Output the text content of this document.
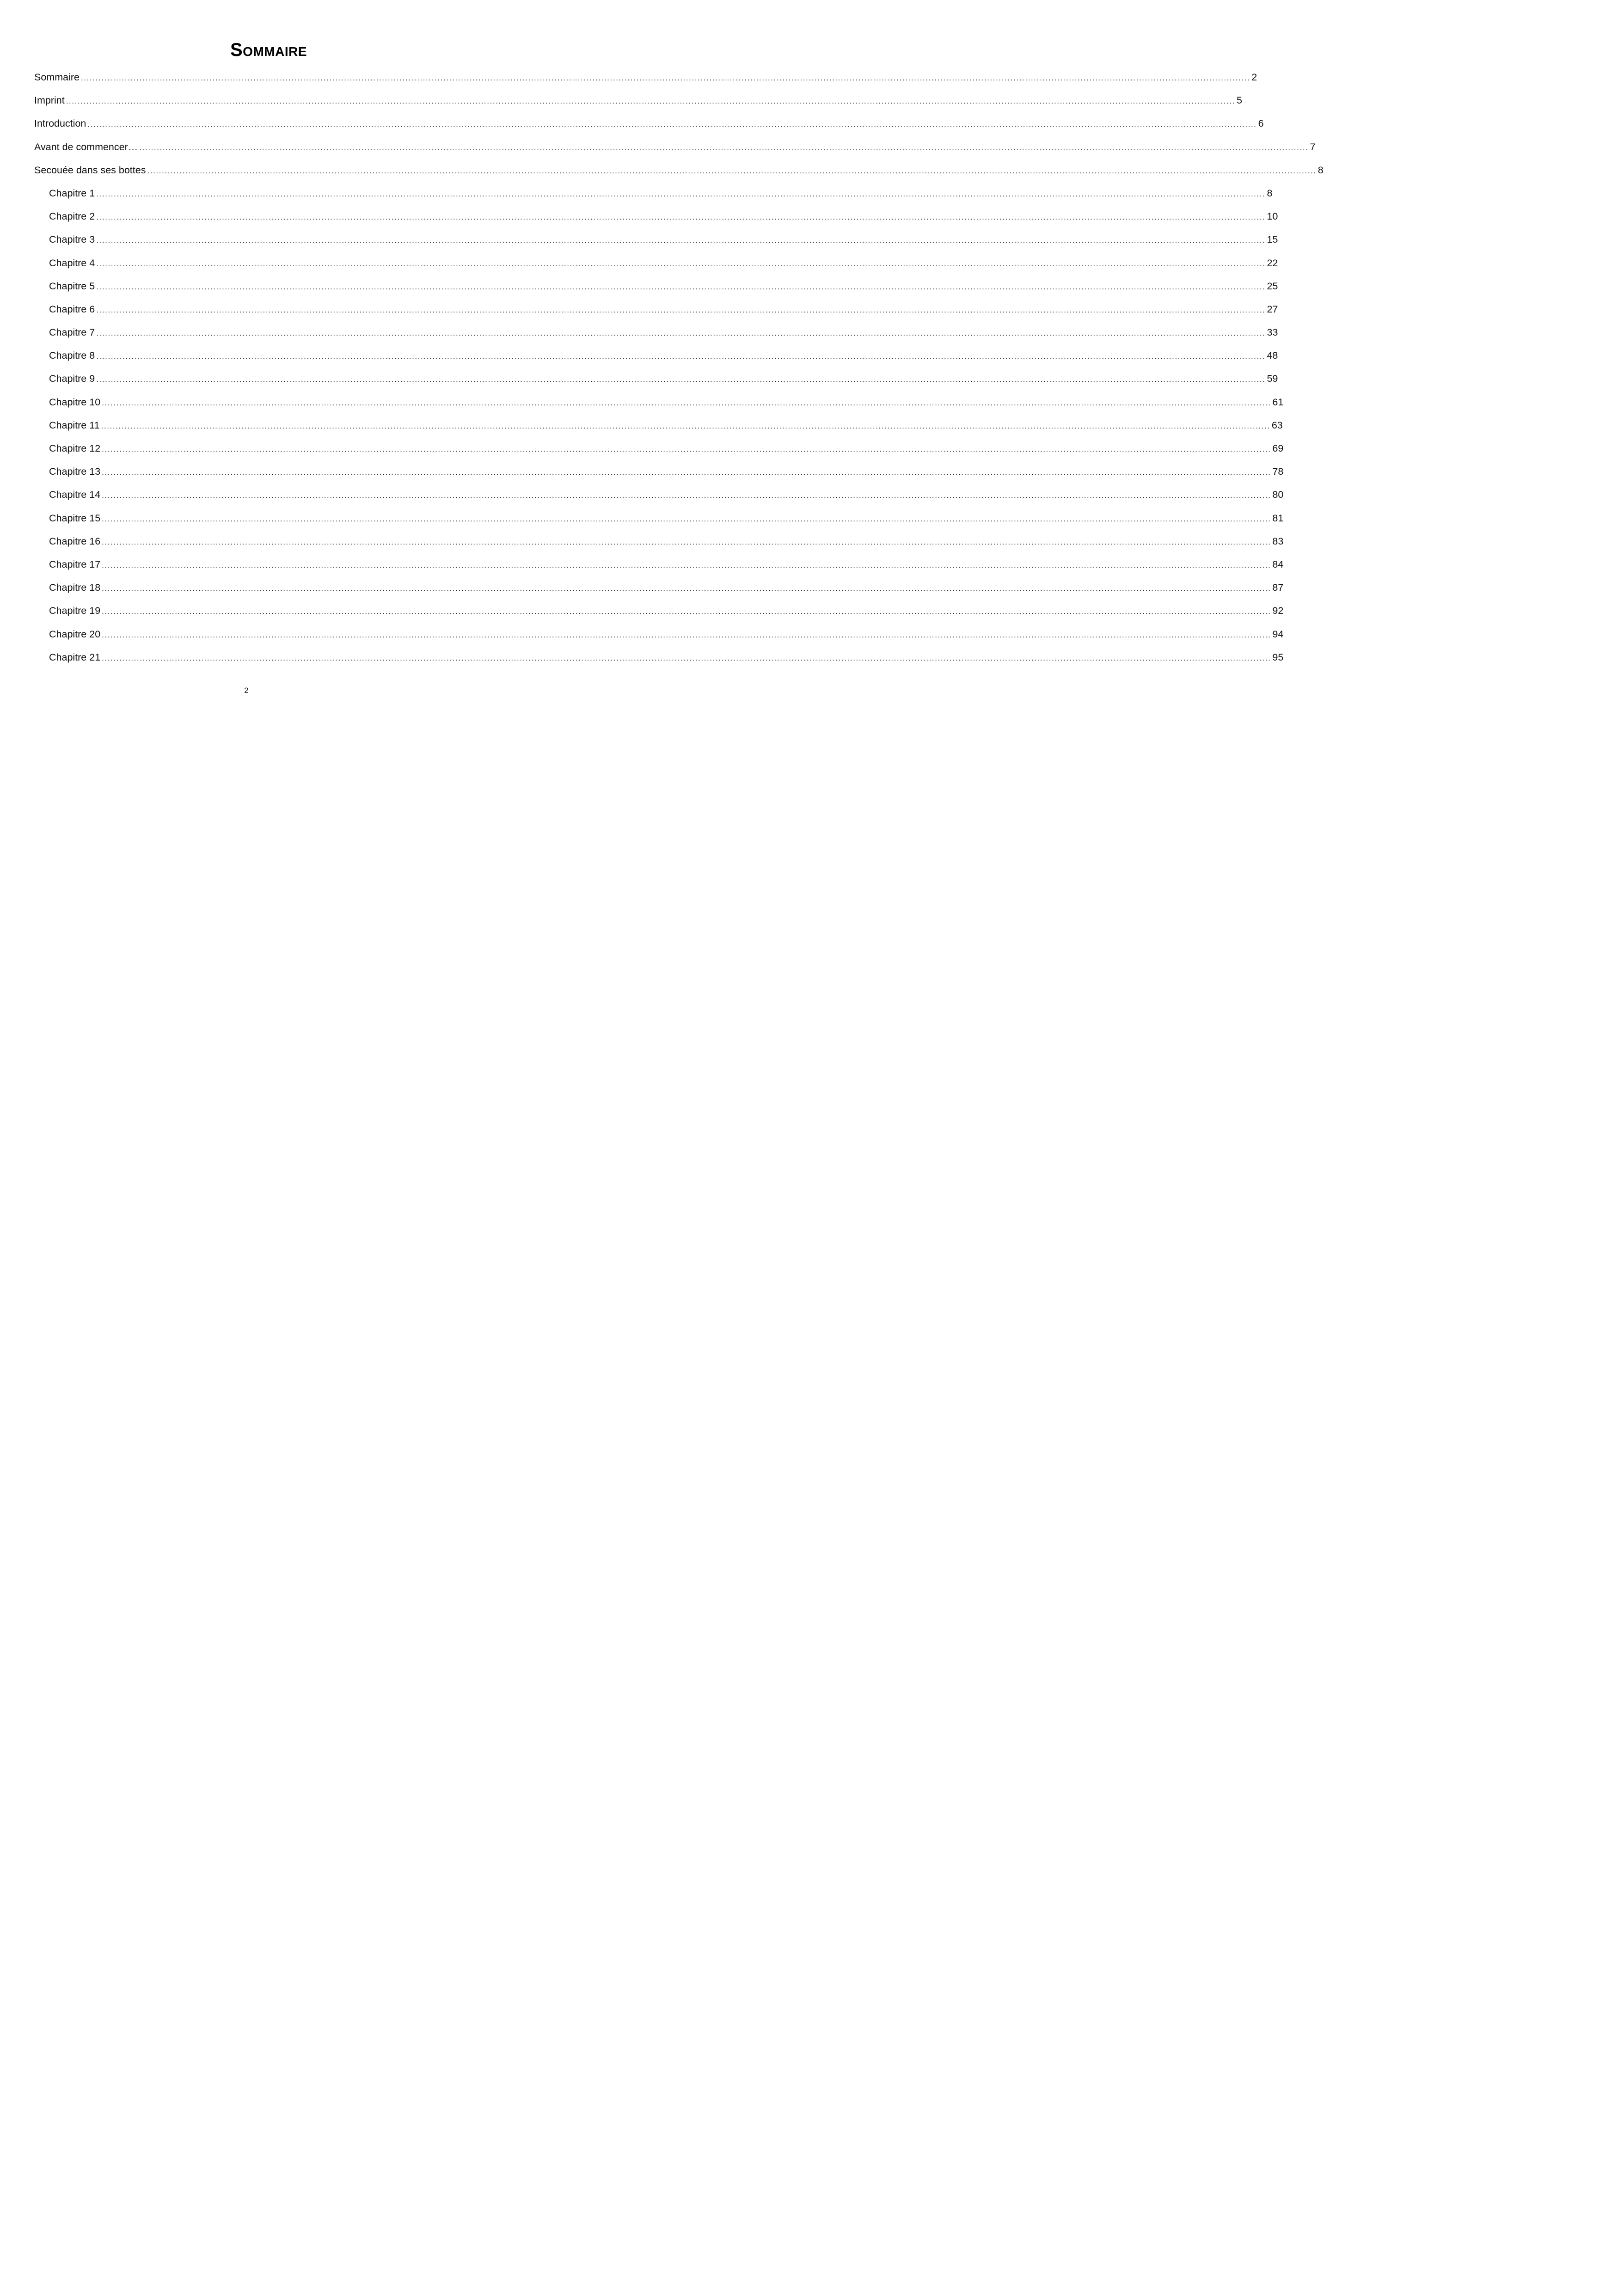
Sommaire
Sommaire ................................................................................................................................................................................................................................................................................................................................................................................................................ 2
Imprint ................................................................................................................................................................................................................................................................................................................................................................................................................ 5
Introduction ................................................................................................................................................................................................................................................................................................................................................................................................................ 6
Avant de commencer… ................................................................................................................................................................................................................................................................................................................................................................................................................ 7
Secouée dans ses bottes ................................................................................................................................................................................................................................................................................................................................................................................................................ 8
Chapitre 1 ................................................................................................................................................................................................................................................................................................................................................................................................................ 8
Chapitre 2 ................................................................................................................................................................................................................................................................................................................................................................................................................ 10
Chapitre 3 ................................................................................................................................................................................................................................................................................................................................................................................................................ 15
Chapitre 4 ................................................................................................................................................................................................................................................................................................................................................................................................................ 22
Chapitre 5 ................................................................................................................................................................................................................................................................................................................................................................................................................ 25
Chapitre 6 ................................................................................................................................................................................................................................................................................................................................................................................................................ 27
Chapitre 7 ................................................................................................................................................................................................................................................................................................................................................................................................................ 33
Chapitre 8 ................................................................................................................................................................................................................................................................................................................................................................................................................ 48
Chapitre 9 ................................................................................................................................................................................................................................................................................................................................................................................................................ 59
Chapitre 10 ................................................................................................................................................................................................................................................................................................................................................................................................................ 61
Chapitre 11 ................................................................................................................................................................................................................................................................................................................................................................................................................ 63
Chapitre 12 ................................................................................................................................................................................................................................................................................................................................................................................................................ 69
Chapitre 13 ................................................................................................................................................................................................................................................................................................................................................................................................................ 78
Chapitre 14 ................................................................................................................................................................................................................................................................................................................................................................................................................ 80
Chapitre 15 ................................................................................................................................................................................................................................................................................................................................................................................................................ 81
Chapitre 16 ................................................................................................................................................................................................................................................................................................................................................................................................................ 83
Chapitre 17 ................................................................................................................................................................................................................................................................................................................................................................................................................ 84
Chapitre 18 ................................................................................................................................................................................................................................................................................................................................................................................................................ 87
Chapitre 19 ................................................................................................................................................................................................................................................................................................................................................................................................................ 92
Chapitre 20 ................................................................................................................................................................................................................................................................................................................................................................................................................ 94
Chapitre 21 ................................................................................................................................................................................................................................................................................................................................................................................................................ 95
2
